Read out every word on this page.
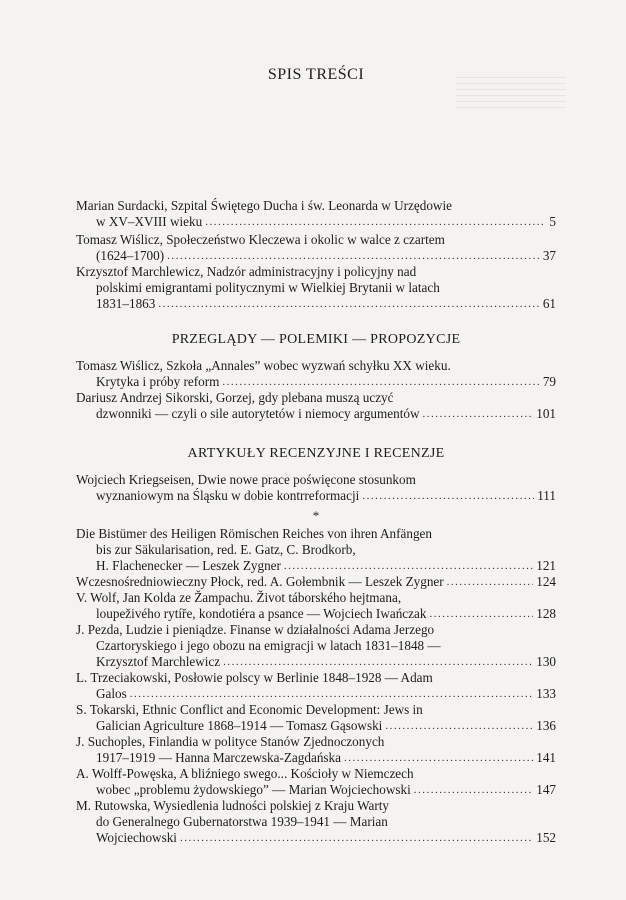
SPIS TREŚCI
PRZEGLĄDY — POLEMIKI — PROPOZYCJE
ARTYKUŁY RECENZYJNE I RECENZJE
*
Marian Surdacki, Szpital Świętego Ducha i św. Leonarda w Urzędowie
w XV–XVIII wieku .....	5
Tomasz Wiślicz, Społeczeństwo Kleczewa i okolic w walce z czartem
(1624–1700) .....	37
Krzysztof Marchlewicz, Nadzór administracyjny i policyjny nad
polskimi emigrantami politycznymi w Wielkiej Brytanii w latach
1831–1863 .....	61
Tomasz Wiślicz, Szkoła „Annales” wobec wyzwań schyłku XX wieku.
Krytyka i próby reform .....	79
Dariusz Andrzej Sikorski, Gorzej, gdy plebana muszą uczyć
dzwonniki — czyli o sile autorytetów i niemocy argumentów .....	101
Wojciech Kriegseisen, Dwie nowe prace poświęcone stosunkom
wyznaniowym na Śląsku w dobie kontrreformacji .....	111
Die Bistümer des Heiligen Römischen Reiches von ihren Anfängen
bis zur Säkularisation, red. E. Gatz, C. Brodkorb,
H. Flachenecker — Leszek Zygner .....	121
Wczesnośredniowieczny Płock, red. A. Gołembnik — Leszek Zygner .....	124
V. Wolf, Jan Kolda ze Žampachu. Život táborského hejtmana,
loupeživého rytíře, kondotiéra a psance — Wojciech Iwańczak .....	128
J. Pezda, Ludzie i pieniądze. Finanse w działalności Adama Jerzego
Czartoryskiego i jego obozu na emigracji w latach 1831–1848 —
Krzysztof Marchlewicz .....	130
L. Trzeciakowski, Posłowie polscy w Berlinie 1848–1928 — Adam
Galos .....	133
S. Tokarski, Ethnic Conflict and Economic Development: Jews in
Galician Agriculture 1868–1914 — Tomasz Gąsowski .....	136
J. Suchoples, Finlandia w polityce Stanów Zjednoczonych
1917–1919 — Hanna Marczewska-Zagdańska .....	141
A. Wolff-Powęska, A bliźniego swego... Kościoły w Niemczech
wobec „problemu żydowskiego” — Marian Wojciechowski .....	147
M. Rutowska, Wysiedlenia ludności polskiej z Kraju Warty
do Generalnego Gubernatorstwa 1939–1941 — Marian
Wojciechowski .....	152
